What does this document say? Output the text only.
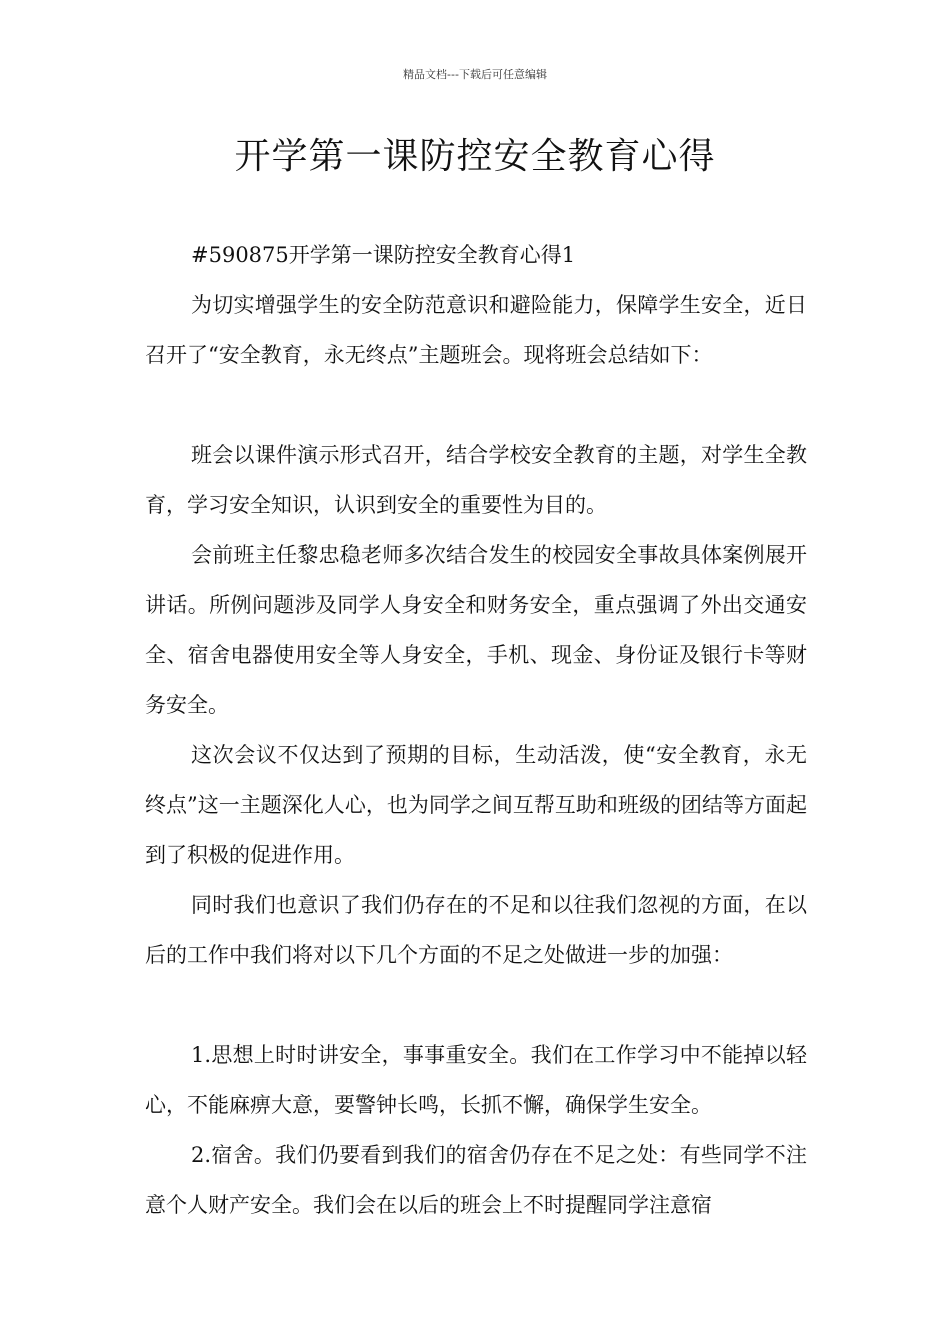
精品文档---下载后可任意编辑
开学第一课防控安全教育心得

#590875开学第一课防控安全教育心得1

为切实增强学生的安全防范意识和避险能力，保障学生安全，近日召开了“安全教育，永无终点”主题班会。现将班会总结如下：

班会以课件演示形式召开，结合学校安全教育的主题，对学生全教育，学习安全知识，认识到安全的重要性为目的。

会前班主任黎忠稳老师多次结合发生的校园安全事故具体案例展开讲话。所例问题涉及同学人身安全和财务安全，重点强调了外出交通安全、宿舍电器使用安全等人身安全，手机、现金、身份证及银行卡等财务安全。

这次会议不仅达到了预期的目标，生动活泼，使“安全教育，永无终点”这一主题深化人心，也为同学之间互帮互助和班级的团结等方面起到了积极的促进作用。

同时我们也意识了我们仍存在的不足和以往我们忽视的方面，在以后的工作中我们将对以下几个方面的不足之处做进一步的加强：

1.思想上时时讲安全，事事重安全。我们在工作学习中不能掉以轻心，不能麻痹大意，要警钟长鸣，长抓不懈，确保学生安全。

2.宿舍。我们仍要看到我们的宿舍仍存在不足之处：有些同学不注意个人财产安全。我们会在以后的班会上不时提醒同学注意宿
